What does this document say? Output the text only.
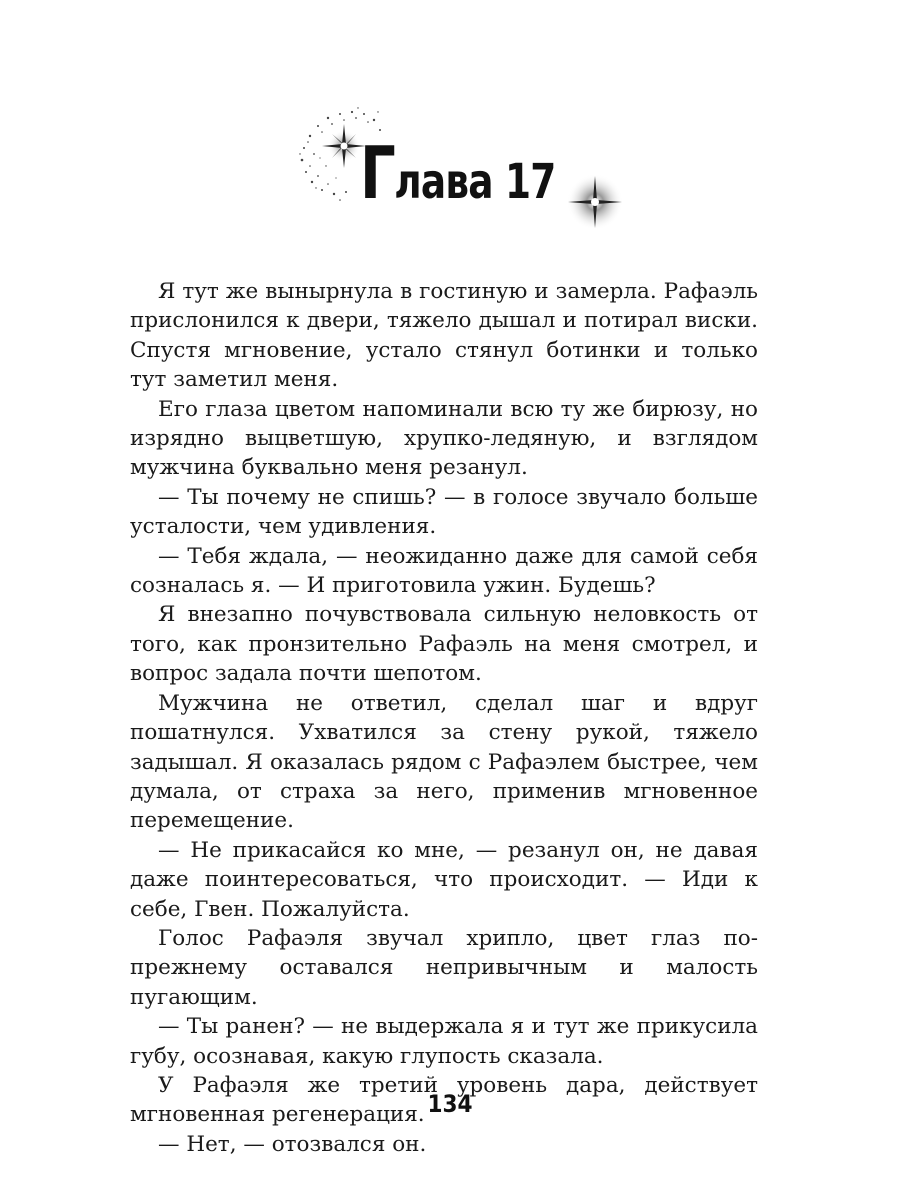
Глава 17

Я тут же вынырнула в гостиную и замерла. Рафаэль прислонился к двери, тяжело дышал и потирал виски. Спустя мгновение, устало стянул ботинки и только тут заметил меня.

Его глаза цветом напоминали всю ту же бирюзу, но изрядно выцветшую, хрупко-ледяную, и взглядом мужчина буквально меня резанул.

— Ты почему не спишь? — в голосе звучало больше усталости, чем удивления.

— Тебя ждала, — неожиданно даже для самой себя созналась я. — И приготовила ужин. Будешь?

Я внезапно почувствовала сильную неловкость от того, как пронзительно Рафаэль на меня смотрел, и вопрос задала почти шепотом.

Мужчина не ответил, сделал шаг и вдруг пошатнулся. Ухватился за стену рукой, тяжело задышал. Я оказалась рядом с Рафаэлем быстрее, чем думала, от страха за него, применив мгновенное перемещение.

— Не прикасайся ко мне, — резанул он, не давая даже поинтересоваться, что происходит. — Иди к себе, Гвен. Пожалуйста.

Голос Рафаэля звучал хрипло, цвет глаз по-прежнему оставался непривычным и малость пугающим.

— Ты ранен? — не выдержала я и тут же прикусила губу, осознавая, какую глупость сказала.

У Рафаэля же третий уровень дара, действует мгновенная регенерация.

— Нет, — отозвался он.

134
